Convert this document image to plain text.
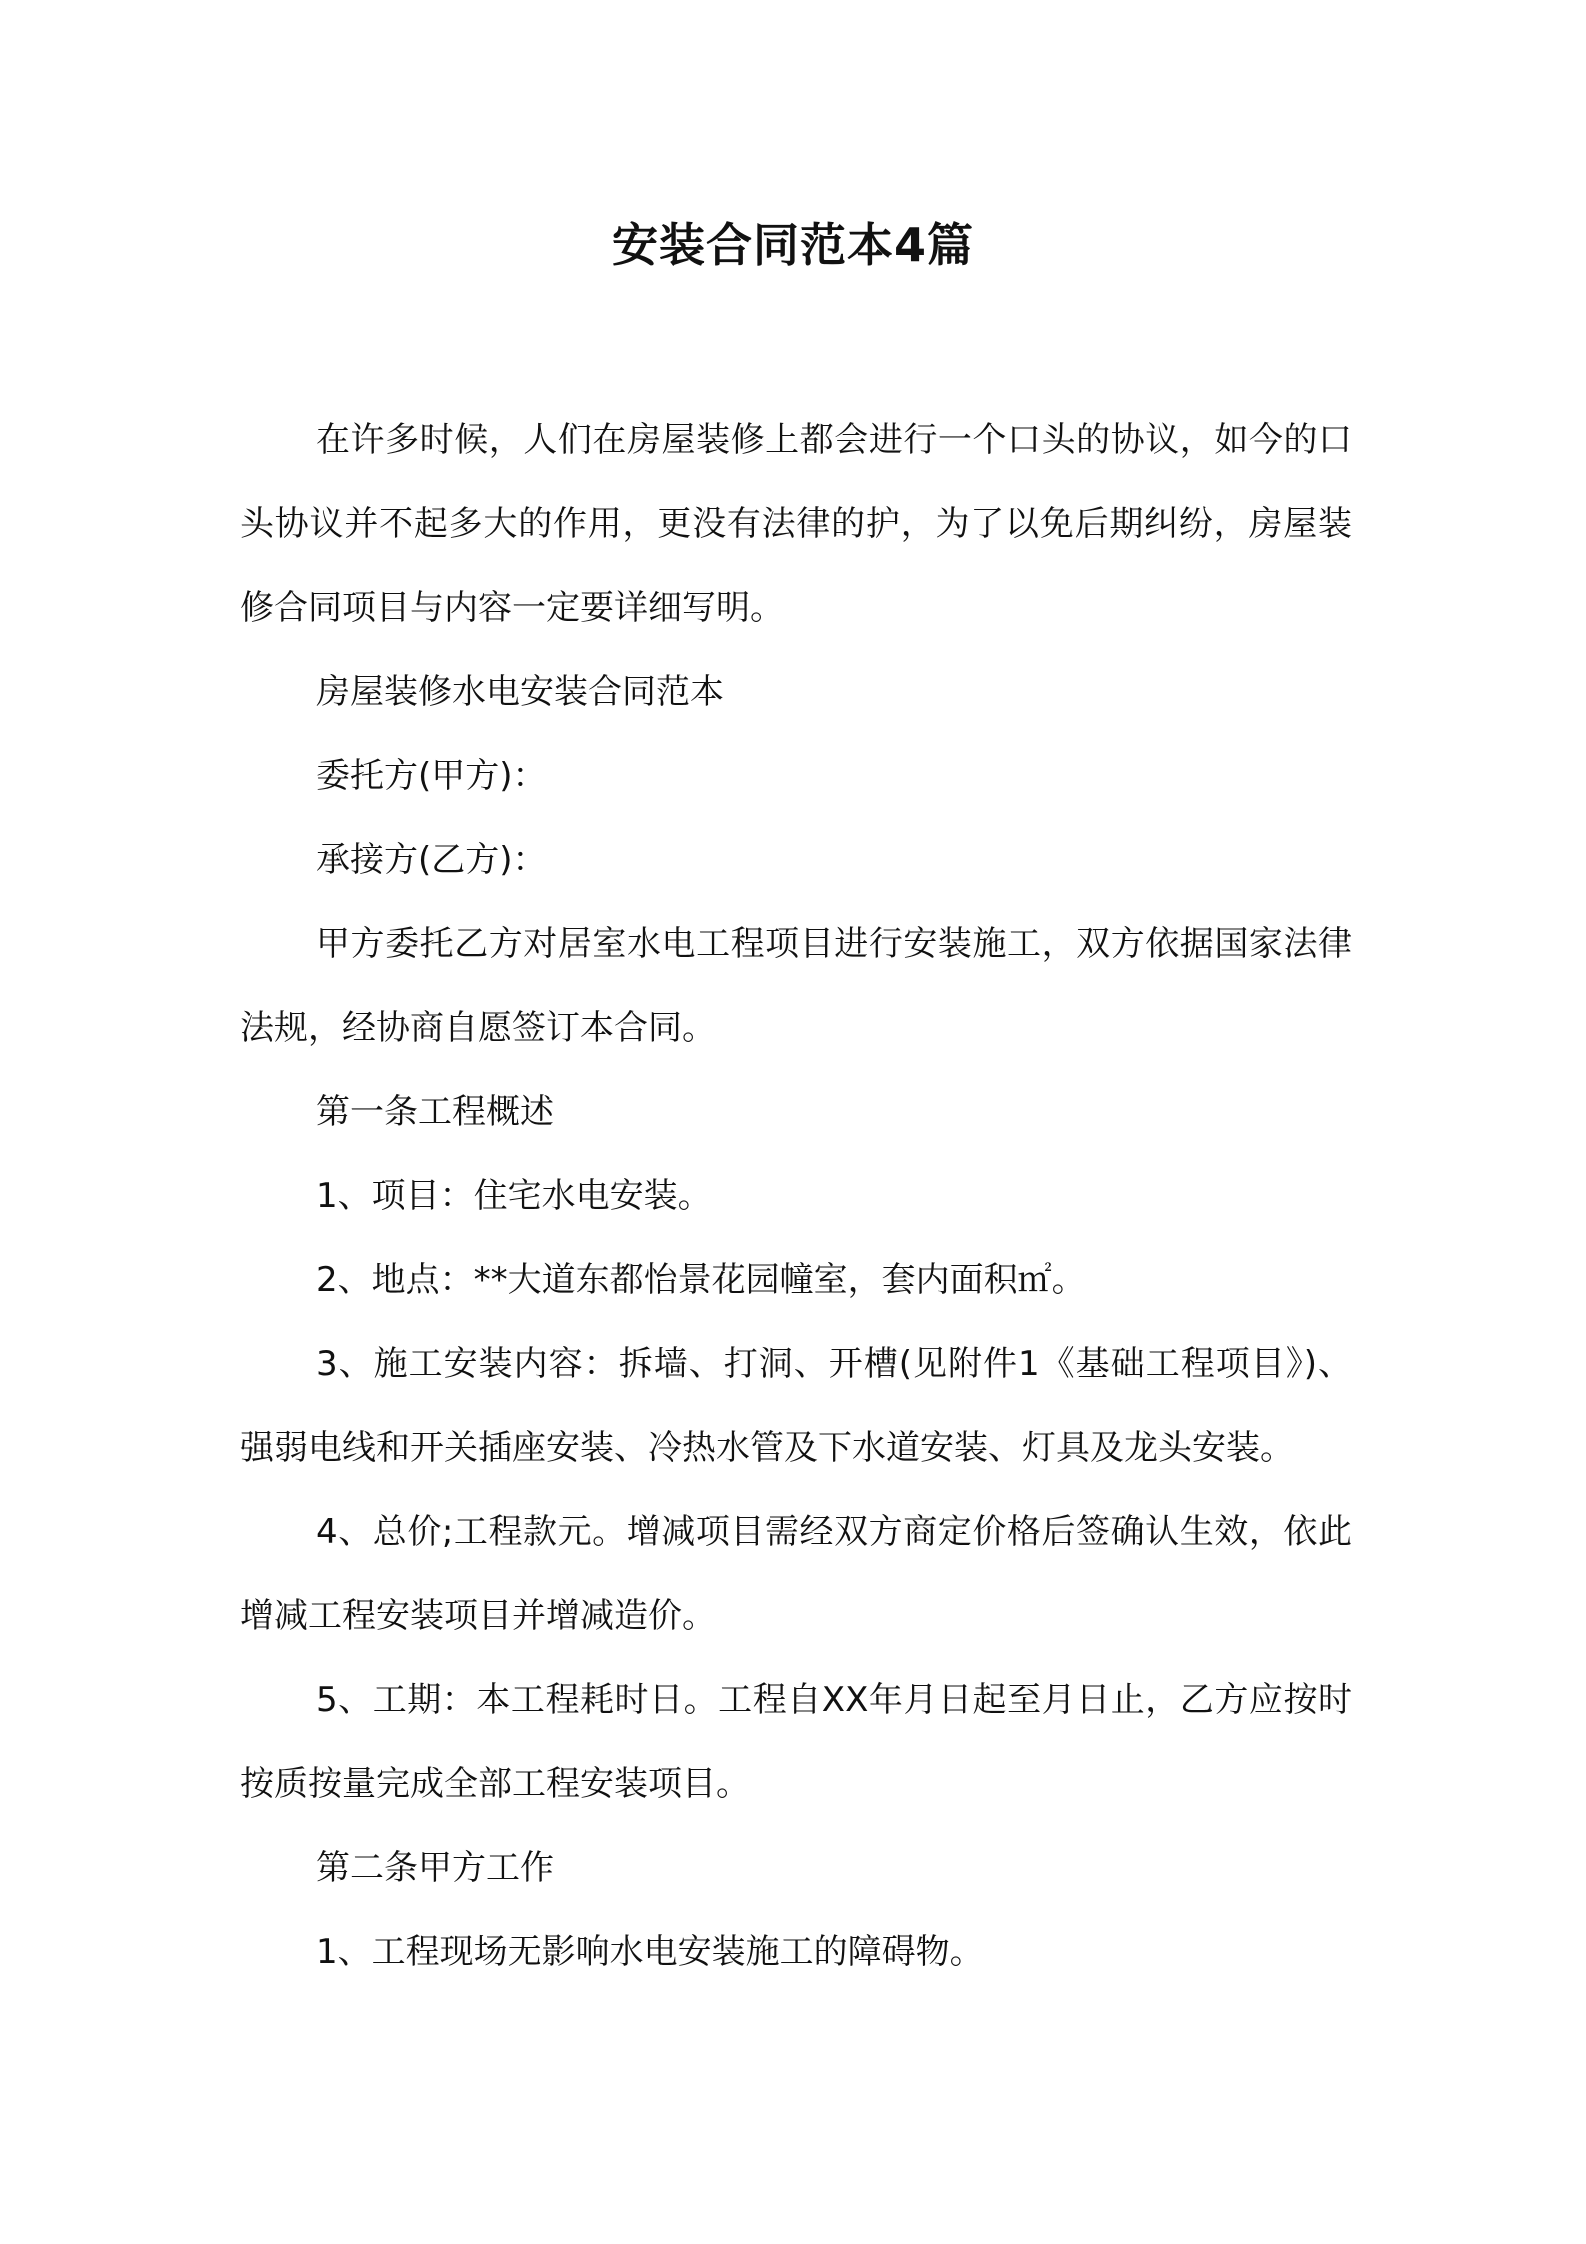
安装合同范本4篇

在许多时候，人们在房屋装修上都会进行一个口头的协议，如今的口头协议并不起多大的作用，更没有法律的护，为了以免后期纠纷，房屋装修合同项目与内容一定要详细写明。

房屋装修水电安装合同范本

委托方(甲方)：

承接方(乙方)：

甲方委托乙方对居室水电工程项目进行安装施工，双方依据国家法律法规，经协商自愿签订本合同。

第一条工程概述

1、项目：住宅水电安装。

2、地点：**大道东都怡景花园幢室，套内面积㎡。

3、施工安装内容：拆墙、打洞、开槽(见附件1《基础工程项目》)、强弱电线和开关插座安装、冷热水管及下水道安装、灯具及龙头安装。

4、总价;工程款元。增减项目需经双方商定价格后签确认生效，依此增减工程安装项目并增减造价。

5、工期：本工程耗时日。工程自XX年月日起至月日止，乙方应按时按质按量完成全部工程安装项目。

第二条甲方工作

1、工程现场无影响水电安装施工的障碍物。
